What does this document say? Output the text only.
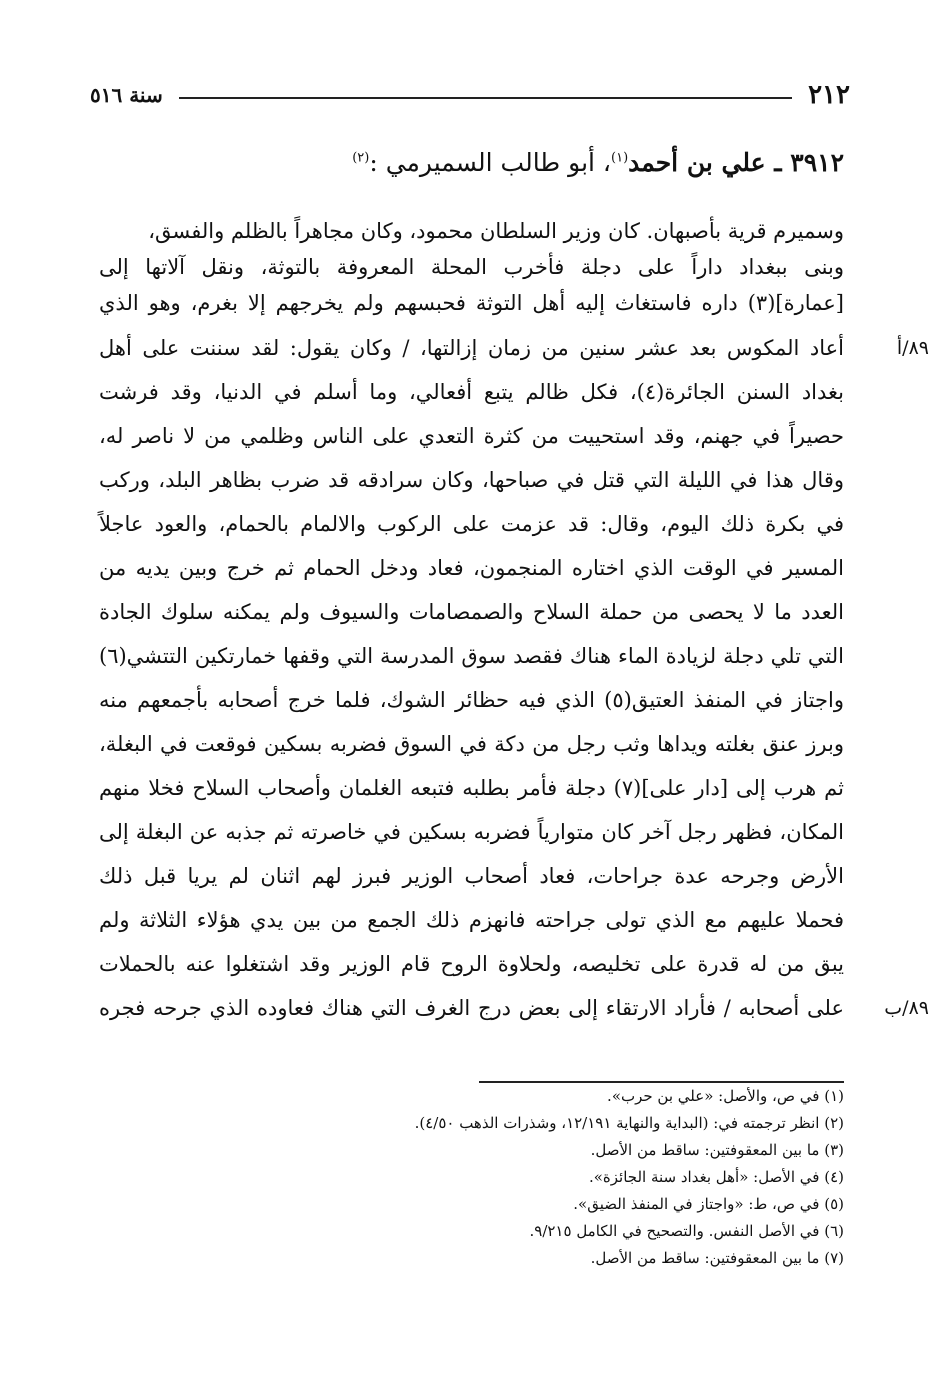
سنة ٥١٦	٢١٢
٣٩١٢ ـ علي بن أحمد$^{(١)}$، أبو طالب السميرمي :$^{(٢)}$
وسميرم قرية بأصبهان. كان وزير السلطان محمود، وكان مجاهراً بالظلم والفسق،
وبنى ببغداد داراً على دجلة فأخرب المحلة المعروفة بالتوثة، ونقل آلاتها إلى
[عمارة](٣) داره فاستغاث إليه أهل التوثة فحبسهم ولم يخرجهم إلا بغرم، وهو الذي
أعاد المكوس بعد عشر سنين من زمان إزالتها، / وكان يقول: لقد سننت على أهل
بغداد السنن الجائرة(٤)، فكل ظالم يتبع أفعالي، وما أسلم في الدنيا، وقد فرشت
حصيراً في جهنم، وقد استحييت من كثرة التعدي على الناس وظلمي من لا ناصر له،
وقال هذا في الليلة التي قتل في صباحها، وكان سرادقه قد ضرب بظاهر البلد، وركب
في بكرة ذلك اليوم، وقال: قد عزمت على الركوب والالمام بالحمام، والعود عاجلاً
المسير في الوقت الذي اختاره المنجمون، فعاد ودخل الحمام ثم خرج وبين يديه من
العدد ما لا يحصى من حملة السلاح والصمصامات والسيوف ولم يمكنه سلوك الجادة
التي تلي دجلة لزيادة الماء هناك فقصد سوق المدرسة التي وقفها خمارتكين التتشي(٦)
واجتاز في المنفذ العتيق(٥) الذي فيه حظائر الشوك، فلما خرج أصحابه بأجمعهم منه
وبرز عنق بغلته ويداها وثب رجل من دكة في السوق فضربه بسكين فوقعت في البغلة،
ثم هرب إلى [دار على](٧) دجلة فأمر بطلبه فتبعه الغلمان وأصحاب السلاح فخلا منهم
المكان، فظهر رجل آخر كان متوارياً فضربه بسكين في خاصرته ثم جذبه عن البغلة إلى
الأرض وجرحه عدة جراحات، فعاد أصحاب الوزير فبرز لهم اثنان لم يريا قبل ذلك
فحملا عليهم مع الذي تولى جراحته فانهزم ذلك الجمع من بين يدي هؤلاء الثلاثة ولم
يبق من له قدرة على تخليصه، ولحلاوة الروح قام الوزير وقد اشتغلوا عنه بالحملات
على أصحابه / فأراد الارتقاء إلى بعض درج الغرف التي هناك فعاوده الذي جرحه فجره
٨٩/أ
٨٩/ب
(١) في ص، والأصل: «علي بن حرب».
(٢) انظر ترجمته في: (البداية والنهاية ١٢/١٩١، وشذرات الذهب ٤/٥٠).
(٣) ما بين المعقوفتين: ساقط من الأصل.
(٤) في الأصل: «أهل بغداد سنة الجائزة».
(٥) في ص، ط: «واجتاز في المنفذ الضيق».
(٦) في الأصل النفس. والتصحيح في الكامل ٩/٢١٥.
(٧) ما بين المعقوفتين: ساقط من الأصل.
